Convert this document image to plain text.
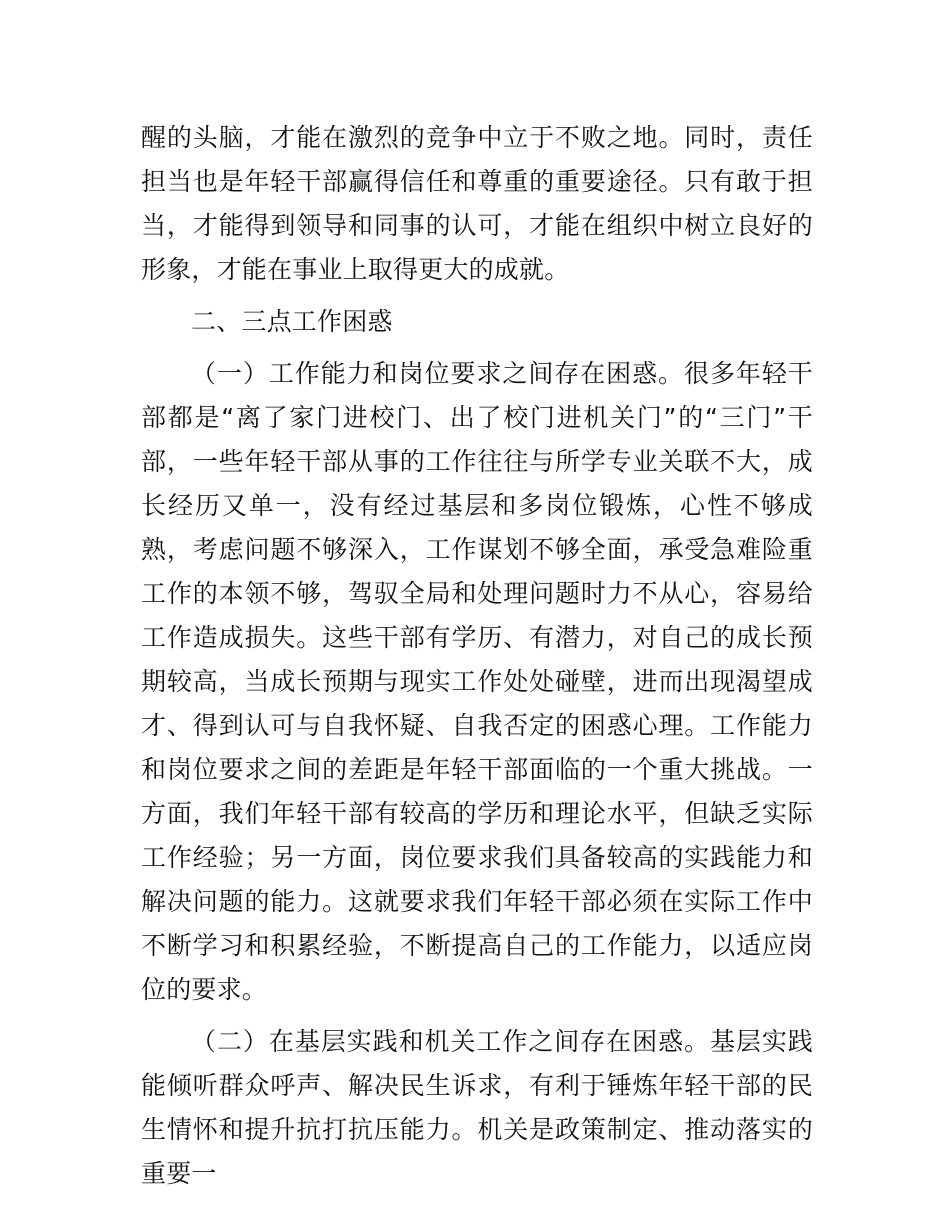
醒的头脑，才能在激烈的竞争中立于不败之地。同时，责任担当也是年轻干部赢得信任和尊重的重要途径。只有敢于担当，才能得到领导和同事的认可，才能在组织中树立良好的形象，才能在事业上取得更大的成就。

二、三点工作困惑

（一）工作能力和岗位要求之间存在困惑。很多年轻干部都是“离了家门进校门、出了校门进机关门”的“三门”干部，一些年轻干部从事的工作往往与所学专业关联不大，成长经历又单一，没有经过基层和多岗位锻炼，心性不够成熟，考虑问题不够深入，工作谋划不够全面，承受急难险重工作的本领不够，驾驭全局和处理问题时力不从心，容易给工作造成损失。这些干部有学历、有潜力，对自己的成长预期较高，当成长预期与现实工作处处碰壁，进而出现渴望成才、得到认可与自我怀疑、自我否定的困惑心理。工作能力和岗位要求之间的差距是年轻干部面临的一个重大挑战。一方面，我们年轻干部有较高的学历和理论水平，但缺乏实际工作经验；另一方面，岗位要求我们具备较高的实践能力和解决问题的能力。这就要求我们年轻干部必须在实际工作中不断学习和积累经验，不断提高自己的工作能力，以适应岗位的要求。

（二）在基层实践和机关工作之间存在困惑。基层实践能倾听群众呼声、解决民生诉求，有利于锤炼年轻干部的民生情怀和提升抗打抗压能力。机关是政策制定、推动落实的重要一
